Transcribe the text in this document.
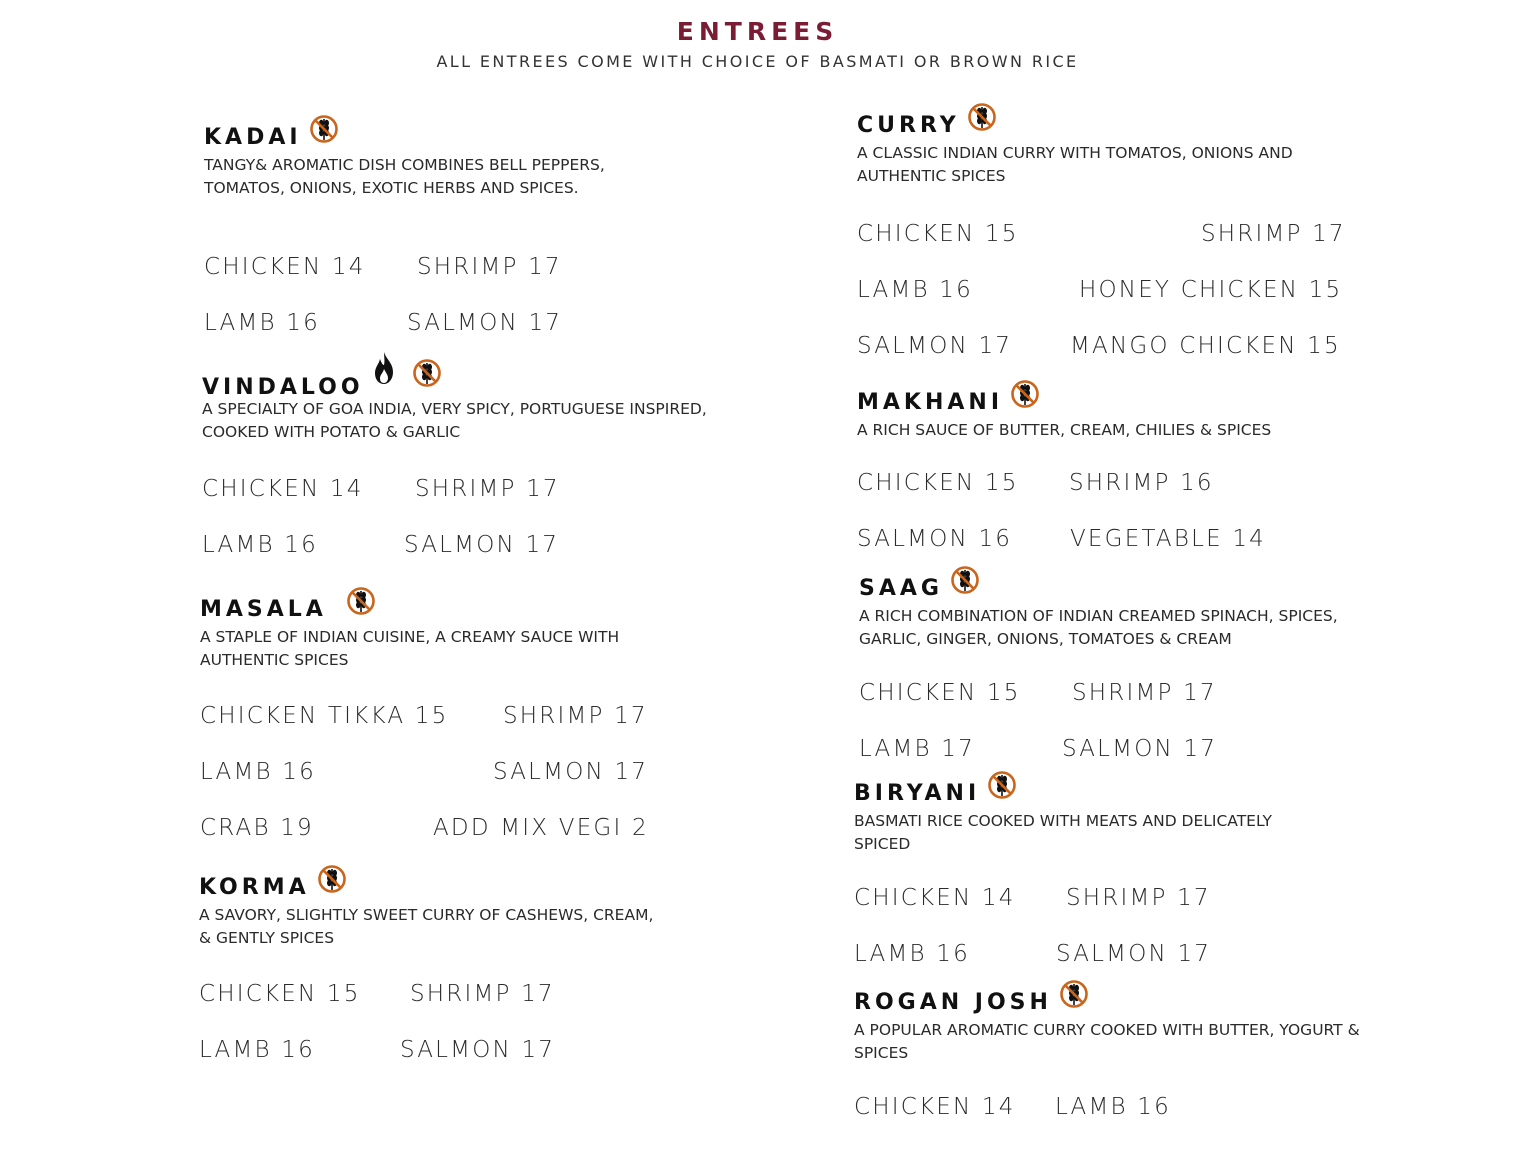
ENTREES
ALL ENTREES COME WITH CHOICE OF BASMATI OR BROWN RICE
KADAI
TANGY& AROMATIC DISH COMBINES BELL PEPPERS, TOMATOS, ONIONS, EXOTIC HERBS AND SPICES.
CHICKEN 14 SHRIMP 17
LAMB 16	SALMON 17
VINDALOO
A SPECIALTY OF GOA INDIA, VERY SPICY, PORTUGUESE INSPIRED, COOKED WITH POTATO & GARLIC
CHICKEN 14 SHRIMP 17
LAMB 16	SALMON 17
MASALA
A STAPLE OF INDIAN CUISINE, A CREAMY SAUCE WITH AUTHENTIC SPICES
CHICKEN TIKKA 15 SHRIMP 17
LAMB 16	SALMON 17
CRAB 19	ADD MIX VEGI 2
KORMA
A SAVORY, SLIGHTLY SWEET CURRY OF CASHEWS, CREAM, & GENTLY SPICES
CHICKEN 15 SHRIMP 17
LAMB 16	SALMON 17
CURRY
A CLASSIC INDIAN CURRY WITH TOMATOS, ONIONS AND AUTHENTIC SPICES
CHICKEN 15	SHRIMP 17
LAMB 16	HONEY CHICKEN 15
SALMON 17	MANGO CHICKEN 15
MAKHANI
A RICH SAUCE OF BUTTER, CREAM, CHILIES & SPICES
CHICKEN 15 SHRIMP 16
SALMON 16	VEGETABLE 14
SAAG
A RICH COMBINATION OF INDIAN CREAMED SPINACH, SPICES, GARLIC, GINGER, ONIONS, TOMATOES & CREAM
CHICKEN 15 SHRIMP 17
LAMB 17	SALMON 17
BIRYANI
BASMATI RICE COOKED WITH MEATS AND DELICATELY SPICED
CHICKEN 14 SHRIMP 17
LAMB 16	SALMON 17
ROGAN JOSH
A POPULAR AROMATIC CURRY COOKED WITH BUTTER, YOGURT & SPICES
CHICKEN 14 LAMB 16
